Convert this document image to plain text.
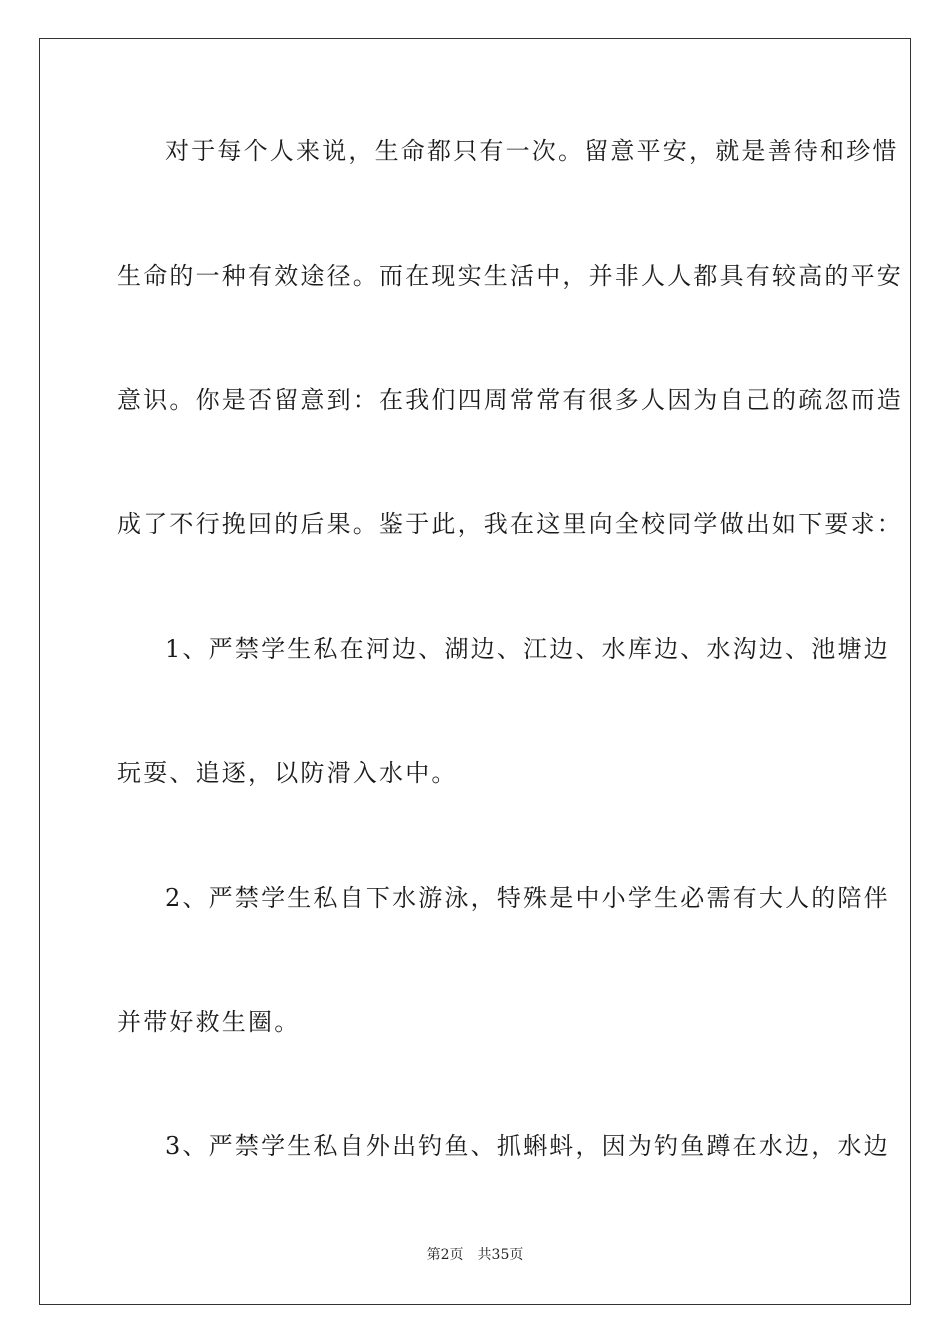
对于每个人来说，生命都只有一次。留意平安，就是善待和珍惜
生命的一种有效途径。而在现实生活中，并非人人都具有较高的平安
意识。你是否留意到：在我们四周常常有很多人因为自己的疏忽而造
成了不行挽回的后果。鉴于此，我在这里向全校同学做出如下要求：
1、严禁学生私在河边、湖边、江边、水库边、水沟边、池塘边
玩耍、追逐，以防滑入水中。
2、严禁学生私自下水游泳，特殊是中小学生必需有大人的陪伴
并带好救生圈。
3、严禁学生私自外出钓鱼、抓蝌蚪，因为钓鱼蹲在水边，水边
第2页 共35页
